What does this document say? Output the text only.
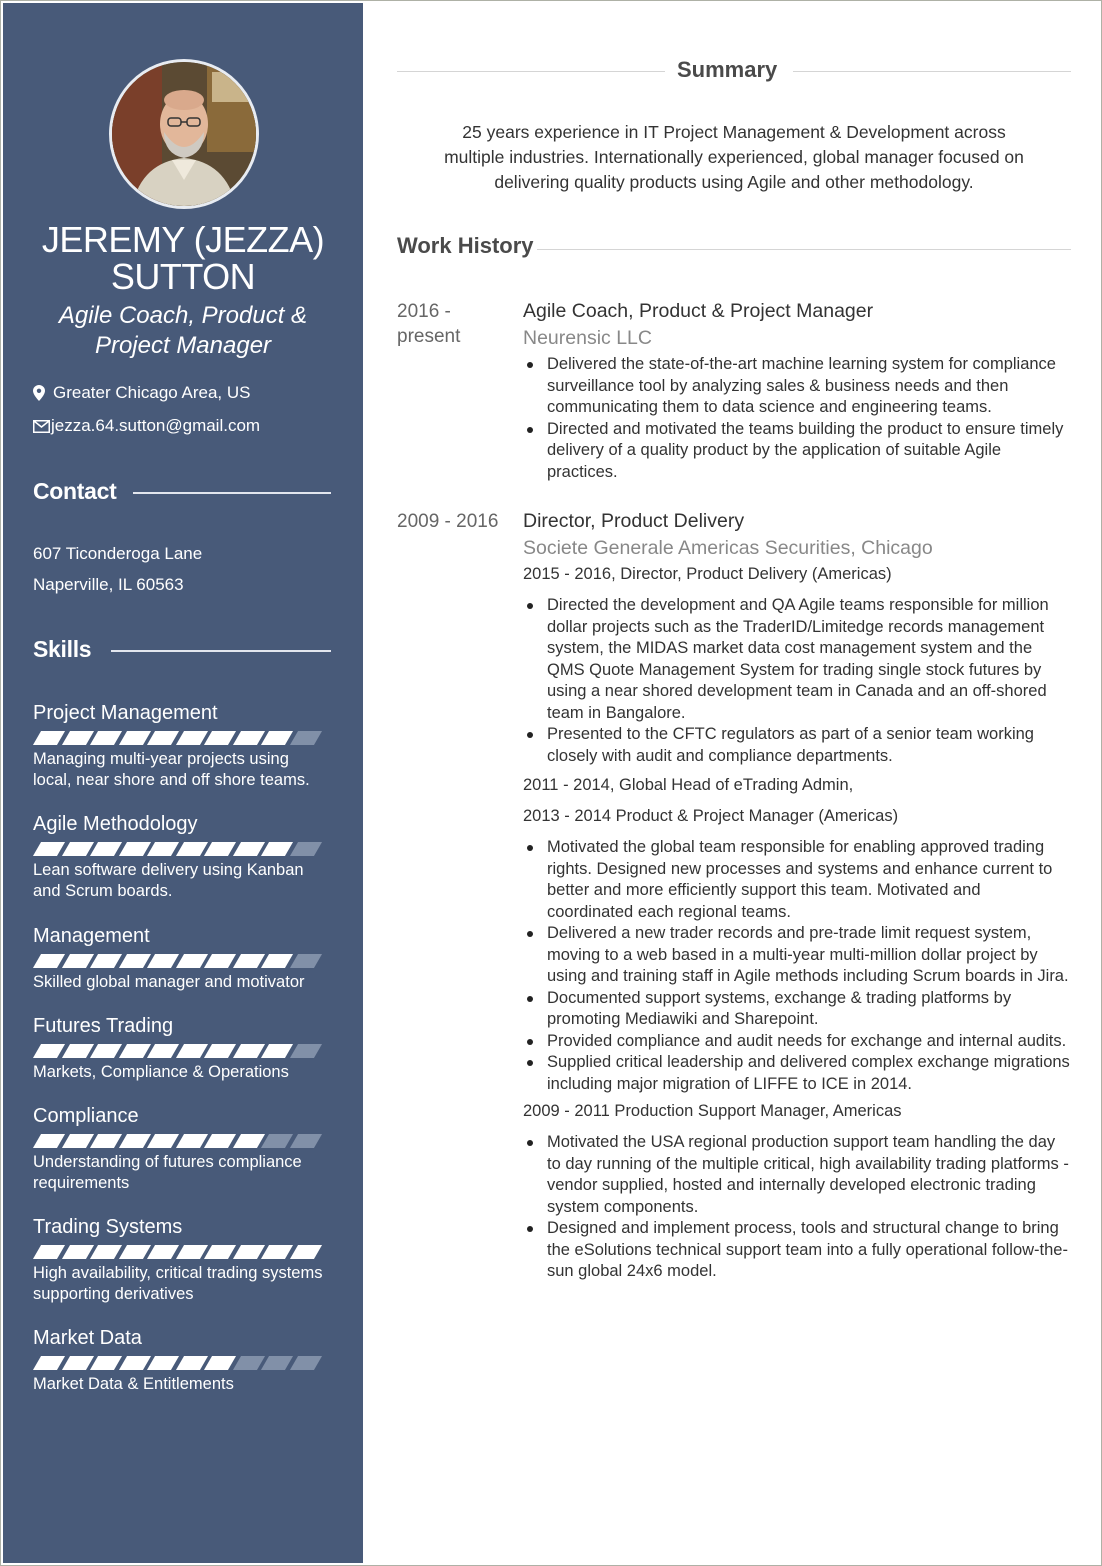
JEREMY (JEZZA)
SUTTON
Agile Coach, Product &
Project Manager
Greater Chicago Area, US
jezza.64.sutton@gmail.com
Contact
607 Ticonderoga Lane
Naperville, IL 60563
Skills
Project Management
Managing multi-year projects using
local, near shore and off shore teams.
Agile Methodology
Lean software delivery using Kanban
and Scrum boards.
Management
Skilled global manager and motivator
Futures Trading
Markets, Compliance & Operations
Compliance
Understanding of futures compliance
requirements
Trading Systems
High availability, critical trading systems
supporting derivatives
Market Data
Market Data & Entitlements
Summary
25 years experience in IT Project Management & Development across
multiple industries. Internationally experienced, global manager focused on
delivering quality products using Agile and other methodology.
Work History
2016 -
present
Agile Coach, Product & Project Manager
Neurensic LLC
Delivered the state-of-the-art machine learning system for compliance surveillance tool by analyzing sales & business needs and then communicating them to data science and engineering teams.
Directed and motivated the teams building the product to ensure timely delivery of a quality product by the application of suitable Agile practices.
2009 - 2016 Director, Product Delivery
Societe Generale Americas Securities, Chicago
2015 - 2016, Director, Product Delivery (Americas)
Directed the development and QA Agile teams responsible for million dollar projects such as the TraderID/Limitedge records management system, the MIDAS market data cost management system and the QMS Quote Management System for trading single stock futures by using a near shored development team in Canada and an off-shored team in Bangalore.
Presented to the CFTC regulators as part of a senior team working closely with audit and compliance departments.
2011 - 2014, Global Head of eTrading Admin,
2013 - 2014 Product & Project Manager (Americas)
Motivated the global team responsible for enabling approved trading rights. Designed new processes and systems and enhance current to better and more efficiently support this team. Motivated and coordinated each regional teams.
Delivered a new trader records and pre-trade limit request system, moving to a web based in a multi-year multi-million dollar project by using and training staff in Agile methods including Scrum boards in Jira.
Documented support systems, exchange & trading platforms by promoting Mediawiki and Sharepoint.
Provided compliance and audit needs for exchange and internal audits.
Supplied critical leadership and delivered complex exchange migrations including major migration of LIFFE to ICE in 2014.
2009 - 2011 Production Support Manager, Americas
Motivated the USA regional production support team handling the day to day running of the multiple critical, high availability trading platforms - vendor supplied, hosted and internally developed electronic trading system components.
Designed and implement process, tools and structural change to bring the eSolutions technical support team into a fully operational follow-the-sun global 24x6 model.
